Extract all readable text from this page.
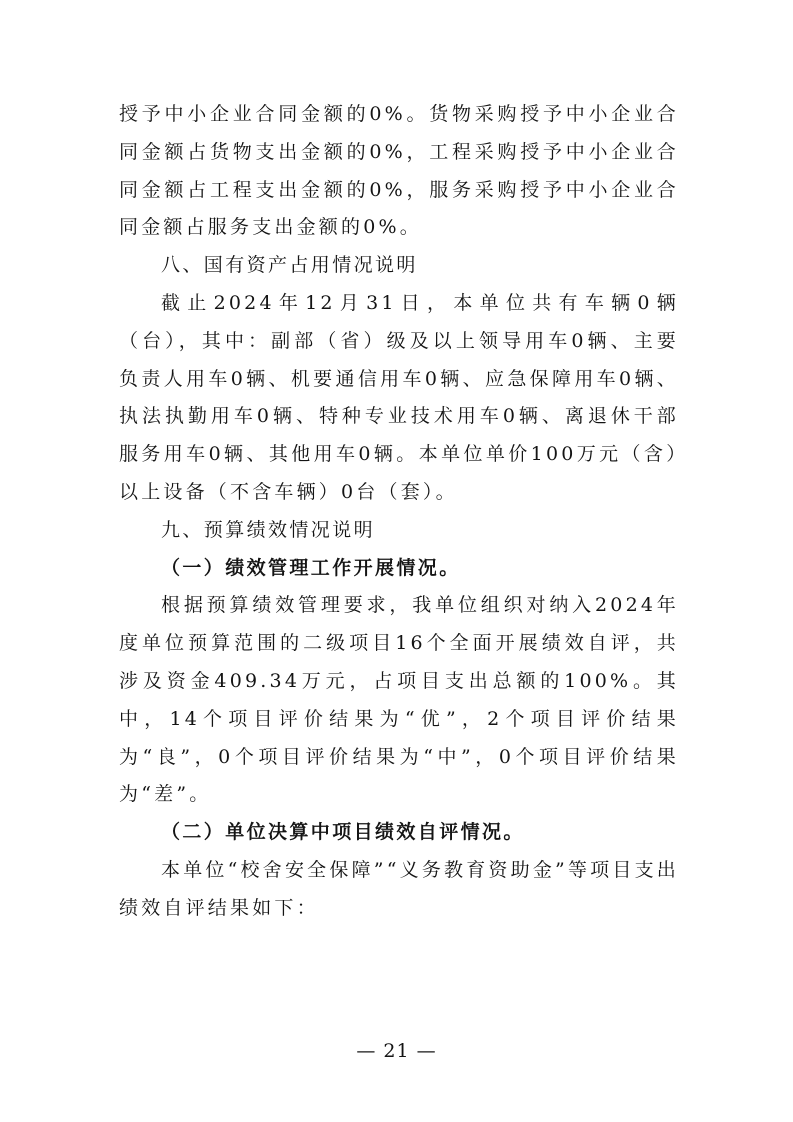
授予中小企业合同金额的0%。货物采购授予中小企业合同金额占货物支出金额的0%，工程采购授予中小企业合同金额占工程支出金额的0%，服务采购授予中小企业合同金额占服务支出金额的0%。

八、国有资产占用情况说明

截止2024年12月31日，本单位共有车辆0辆（台），其中：副部（省）级及以上领导用车0辆、主要负责人用车0辆、机要通信用车0辆、应急保障用车0辆、执法执勤用车0辆、特种专业技术用车0辆、离退休干部服务用车0辆、其他用车0辆。本单位单价100万元（含）以上设备（不含车辆）0台（套）。

九、预算绩效情况说明

（一）绩效管理工作开展情况。

根据预算绩效管理要求，我单位组织对纳入2024年度单位预算范围的二级项目16个全面开展绩效自评，共涉及资金409.34万元，占项目支出总额的100%。其中，14个项目评价结果为“优”，2个项目评价结果为“良”，0个项目评价结果为“中”，0个项目评价结果为“差”。

（二）单位决算中项目绩效自评情况。

本单位“校舍安全保障”“义务教育资助金”等项目支出绩效自评结果如下：

— 21 —
